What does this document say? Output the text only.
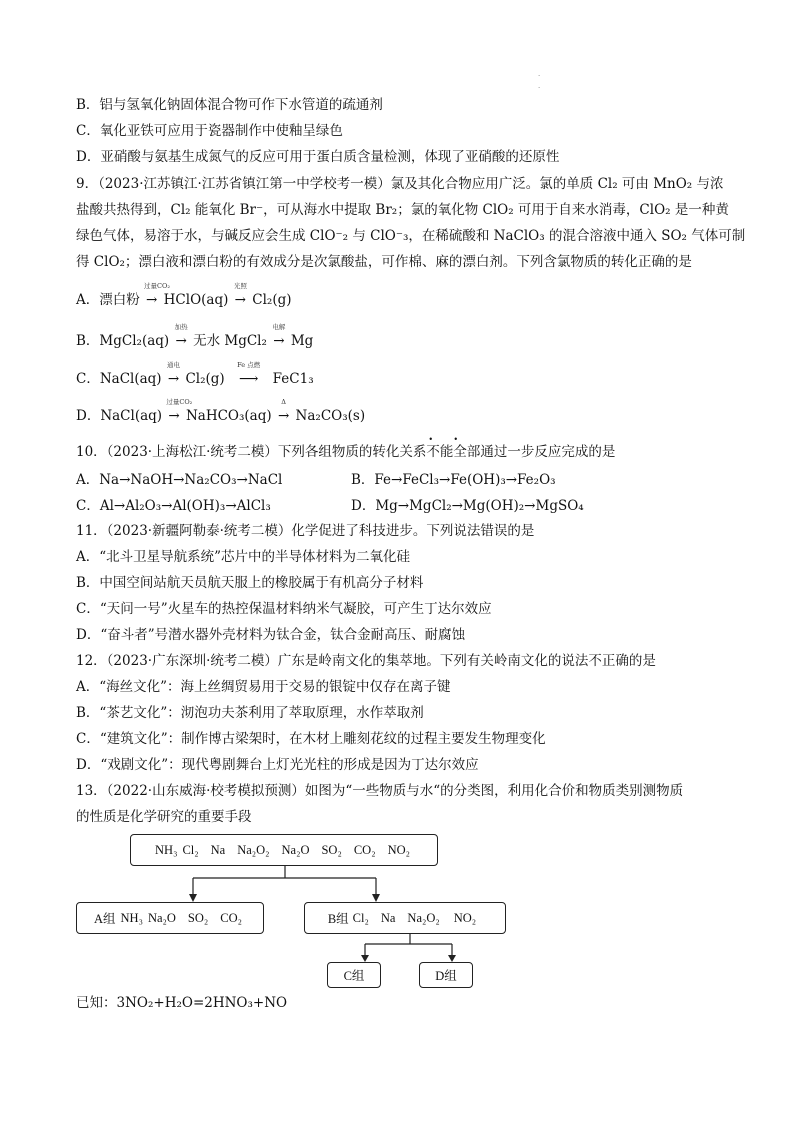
·
·
B．铝与氢氧化钠固体混合物可作下水管道的疏通剂
C．氧化亚铁可应用于瓷器制作中使釉呈绿色
D．亚硝酸与氨基生成氮气的反应可用于蛋白质含量检测，体现了亚硝酸的还原性
9．（2023·江苏镇江·江苏省镇江第一中学校考一模）氯及其化合物应用广泛。氯的单质 Cl₂ 可由 MnO₂ 与浓
盐酸共热得到，Cl₂ 能氧化 Br⁻，可从海水中提取 Br₂；氯的氧化物 ClO₂ 可用于自来水消毒，ClO₂ 是一种黄
绿色气体，易溶于水，与碱反应会生成 ClO⁻₂ 与 ClO⁻₃，在稀硫酸和 NaClO₃ 的混合溶液中通入 SO₂ 气体可制
得 ClO₂；漂白液和漂白粉的有效成分是次氯酸盐，可作棉、麻的漂白剂。下列含氯物质的转化正确的是
A．漂白粉
过量CO₂
→ HClO(aq)
光照
→ Cl₂(g)
B．MgCl₂(aq)
加热
→ 无水 MgCl₂
电解
→ Mg
C．NaCl(aq)
通电
→ Cl₂(g)
Fe 点燃
⟶ FeC1₃
D．NaCl(aq)
过量CO₂
→ NaHCO₃(aq)
Δ
→ Na₂CO₃(s)
10．（2023·上海松江·统考二模）下列各组物质的转化关系不能 •全部通过一步反应完成的是
A．Na→NaOH→Na₂CO₃→NaCl	B．Fe→FeCl₃→Fe(OH)₃→Fe₂O₃
C．Al→Al₂O₃→Al(OH)₃→AlCl₃	D．Mg→MgCl₂→Mg(OH)₂→MgSO₄
11．（2023·新疆阿勒泰·统考二模）化学促进了科技进步。下列说法错误的是
A．“北斗卫星导航系统”芯片中的半导体材料为二氧化硅
B．中国空间站航天员航天服上的橡胶属于有机高分子材料
C．“天问一号”火星车的热控保温材料纳米气凝胶，可产生丁达尔效应
D．“奋斗者”号潜水器外壳材料为钛合金，钛合金耐高压、耐腐蚀
12．（2023·广东深圳·统考二模）广东是岭南文化的集萃地。下列有关岭南文化的说法不正确的是
A．“海丝文化”：海上丝绸贸易用于交易的银锭中仅存在离子键
B．“茶艺文化”：沏泡功夫茶利用了萃取原理，水作萃取剂
C．“建筑文化”：制作博古梁架时，在木材上雕刻花纹的过程主要发生物理变化
D．“戏剧文化”：现代粤剧舞台上灯光光柱的形成是因为丁达尔效应
13．（2022·山东威海·校考模拟预测）如图为“一些物质与水“的分类图，利用化合价和物质类别测物质
的性质是化学研究的重要手段
NH₃ Cl₂ Na Na₂O₂ Na₂O SO₂ CO₂ NO₂
A组 NH₃ Na₂O SO₂ CO₂	B组 Cl₂ Na Na₂O₂ NO₂
C组	D组
已知：3NO₂+H₂O=2HNO₃+NO
